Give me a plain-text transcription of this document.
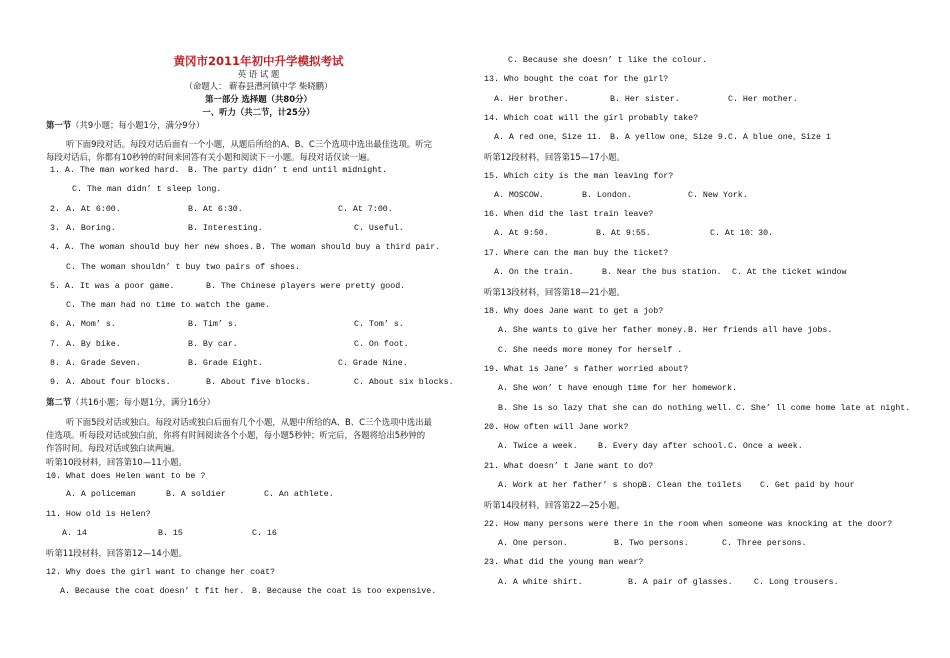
黄冈市2011年初中升学模拟考试
英 语 试 题
（命题人： 蕲春县漕河镇中学 柴晓鹏）
第一部分 选择题（共80分）
一、听力（共二节，计25分）
第一节（共9小题；每小题1分，满分9分）
听下面9段对话。每段对话后面有一个小题，从题后所给的A、B、C三个选项中选出最佳选项。听完
每段对话后，你都有10秒钟的时间来回答有关小题和阅读下一小题。每段对话仅读一遍。
1. A. The man worked hard. B. The party didn’ t end until midnight.
C. The man didn’ t sleep long.
2. A. At 6:00.	B. At 6:30.	C. At 7:00.
3. A. Boring.	B. Interesting.	C. Useful.
4. A. The woman should buy her new shoes. B. The woman should buy a third pair.
C. The woman shouldn’ t buy two pairs of shoes.
5. A. It was a poor game.	B. The Chinese players were pretty good.
C. The man had no time to watch the game.
6. A. Mom’ s.	B. Tim’ s.	C. Tom’ s.
7. A. By bike.	B. By car.	C. On foot.
8. A. Grade Seven.	B. Grade Eight.	C. Grade Nine.
9. A. About four blocks.	B. About five blocks.	C. About six blocks.
第二节（共16小题；每小题1分，满分16分）
听下面5段对话或独白。每段对话或独白后面有几个小题，从题中所给的A、B、C三个选项中选出最
佳选项。听每段对话或独白前，你将有时间阅读各个小题，每小题5秒钟；听完后，各题将给出5秒钟的
作答时间。每段对话或独白读两遍。
听第10段材料，回答第10—11小题。
10. What does Helen want to be ?
A. A policeman	B. A soldier	C. An athlete.
11. How old is Helen?
A. 14	B. 15	C. 16
听第11段材料，回答第12—14小题。
12. Why does the girl want to change her coat?
A. Because the coat doesn’ t fit her. B. Because the coat is too expensive.
C. Because she doesn’ t like the colour.
13. Who bought the coat for the girl?
A. Her brother.	B. Her sister.	C. Her mother.
14. Which coat will the girl probably take?
A. A red one，Size 11. B. A yellow one，Size 9. C. A blue one，Size 1
听第12段材料，回答第15—17小题。
15. Which city is the man leaving for?
A. MOSCOW.	B. London.	C. New York.
16. When did the last train leave?
A. At 9:50.	B. At 9:55.	C. At 10：30.
17. Where can the man buy the ticket?
A. On the train.	B. Near the bus station. C. At the ticket window
听第13段材料，回答第18—21小题。
18. Why does Jane want to get a job?
A. She wants to give her father money. B. Her friends all have jobs.
C. She needs more money for herself .
19. What is Jane’ s father worried about?
A. She won’ t have enough time for her homework.
B. She is so lazy that she can do nothing well. C. She’ ll come home late at night.
20. How often will Jane work?
A. Twice a week. B. Every day after school. C. Once a week.
21. What doesn’ t Jane want to do?
A. Work at her father’ s shop B. Clean the toilets C. Get paid by hour
听第14段材料，回答第22—25小题。
22. How many persons were there in the room when someone was knocking at the door?
A. One person.	B. Two persons.	C. Three persons.
23. What did the young man wear?
A. A white shirt.	B. A pair of glasses.	C. Long trousers.
